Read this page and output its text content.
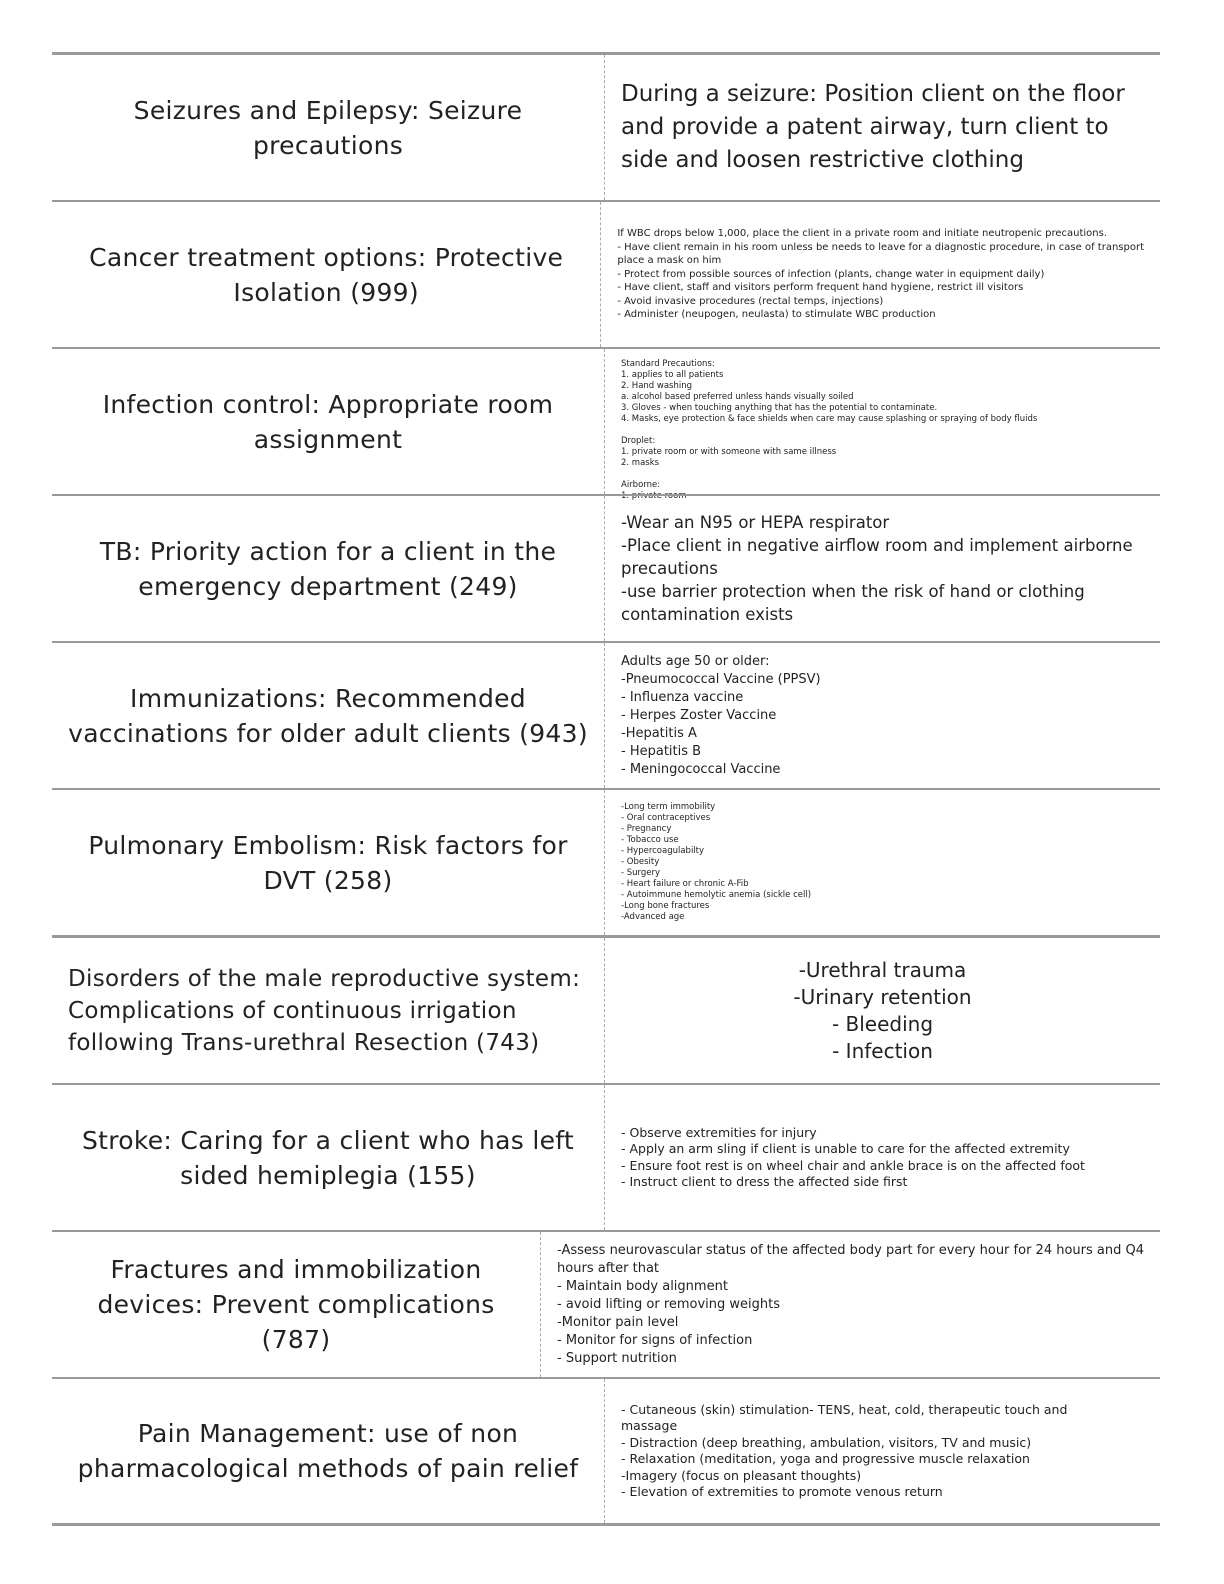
Seizures and Epilepsy: Seizure precautions
During a seizure: Position client on the floor
and provide a patent airway, turn client to
side and loosen restrictive clothing
Cancer treatment options: Protective Isolation (999)
If WBC drops below 1,000, place the client in a private room and initiate neutropenic precautions.
- Have client remain in his room unless be needs to leave for a diagnostic procedure, in case of transport
place a mask on him
- Protect from possible sources of infection (plants, change water in equipment daily)
- Have client, staff and visitors perform frequent hand hygiene, restrict ill visitors
- Avoid invasive procedures (rectal temps, injections)
- Administer (neupogen, neulasta) to stimulate WBC production
Infection control: Appropriate room assignment
Standard Precautions:
1. applies to all patients
2. Hand washing
a. alcohol based preferred unless hands visually soiled
3. Gloves - when touching anything that has the potential to contaminate.
4. Masks, eye protection & face shields when care may cause splashing or spraying of body fluids

Droplet:
1. private room or with someone with same illness
2. masks

Airborne:
1. private room
TB: Priority action for a client in the emergency department (249)
-Wear an N95 or HEPA respirator
-Place client in negative airflow room and implement airborne
precautions
-use barrier protection when the risk of hand or clothing
contamination exists
Immunizations: Recommended vaccinations for older adult clients (943)
Adults age 50 or older:
-Pneumococcal Vaccine (PPSV)
- Influenza vaccine
- Herpes Zoster Vaccine
-Hepatitis A
- Hepatitis B
- Meningococcal Vaccine
Pulmonary Embolism: Risk factors for DVT (258)
-Long term immobility
- Oral contraceptives
- Pregnancy
- Tobacco use
- Hypercoagulabilty
- Obesity
- Surgery
- Heart failure or chronic A-Fib
- Autoimmune hemolytic anemia (sickle cell)
-Long bone fractures
-Advanced age
Disorders of the male reproductive system: Complications of continuous irrigation following Trans-urethral Resection (743)
-Urethral trauma
-Urinary retention
- Bleeding
- Infection
Stroke: Caring for a client who has left sided hemiplegia (155)
- Observe extremities for injury
- Apply an arm sling if client is unable to care for the affected extremity
- Ensure foot rest is on wheel chair and ankle brace is on the affected foot
- Instruct client to dress the affected side first
Fractures and immobilization devices: Prevent complications (787)
-Assess neurovascular status of the affected body part for every hour for 24 hours and Q4
hours after that
- Maintain body alignment
- avoid lifting or removing weights
-Monitor pain level
- Monitor for signs of infection
- Support nutrition
Pain Management: use of non pharmacological methods of pain relief
- Cutaneous (skin) stimulation- TENS, heat, cold, therapeutic touch and
massage
- Distraction (deep breathing, ambulation, visitors, TV and music)
- Relaxation (meditation, yoga and progressive muscle relaxation
-Imagery (focus on pleasant thoughts)
- Elevation of extremities to promote venous return
